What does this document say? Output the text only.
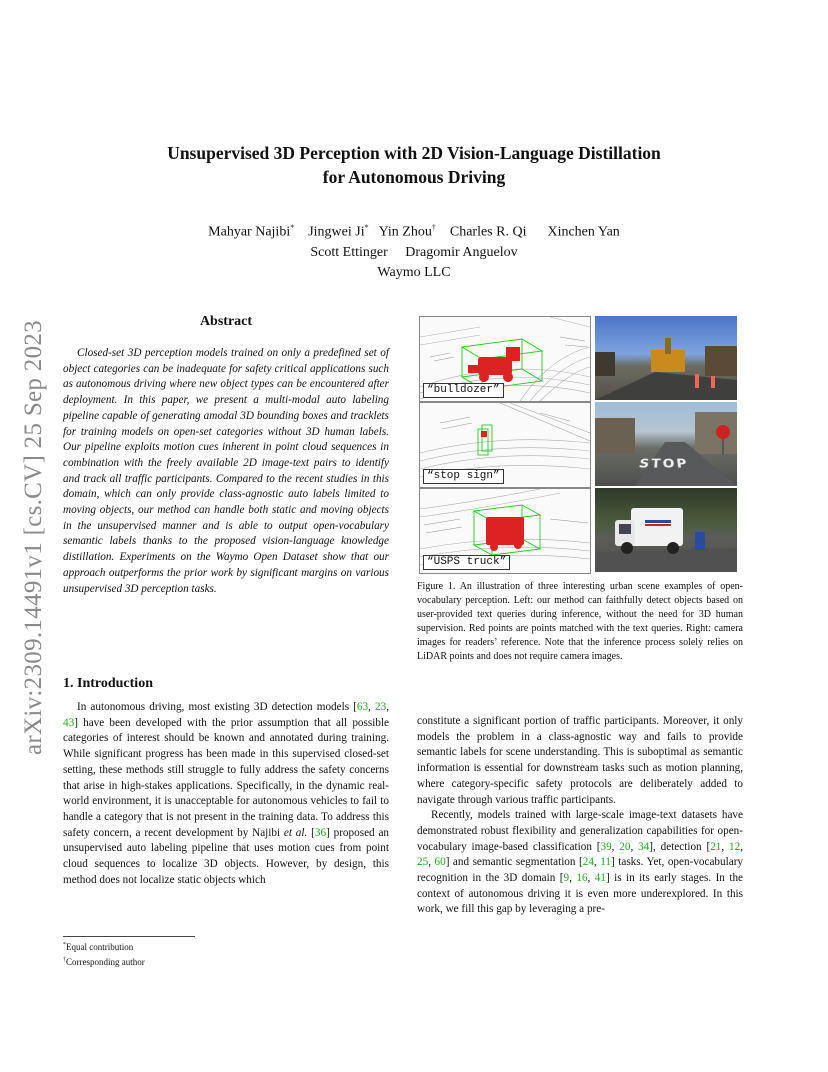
arXiv:2309.14491v1 [cs.CV] 25 Sep 2023
Unsupervised 3D Perception with 2D Vision-Language Distillation
for Autonomous Driving
Mahyar Najibi* Jingwei Ji* Yin Zhou† Charles R. Qi Xinchen Yan
Scott Ettinger Dragomir Anguelov
Waymo LLC
Abstract
Closed-set 3D perception models trained on only a predefined set of object categories can be inadequate for safety critical applications such as autonomous driving where new object types can be encountered after deployment. In this paper, we present a multi-modal auto labeling pipeline capable of generating amodal 3D bounding boxes and tracklets for training models on open-set categories without 3D human labels. Our pipeline exploits motion cues inherent in point cloud sequences in combination with the freely available 2D image-text pairs to identify and track all traffic participants. Compared to the recent studies in this domain, which can only provide class-agnostic auto labels limited to moving objects, our method can handle both static and moving objects in the unsupervised manner and is able to output open-vocabulary semantic labels thanks to the proposed vision-language knowledge distillation. Experiments on the Waymo Open Dataset show that our approach outperforms the prior work by significant margins on various unsupervised 3D perception tasks.
1. Introduction
In autonomous driving, most existing 3D detection models [63, 23, 43] have been developed with the prior assumption that all possible categories of interest should be known and annotated during training. While significant progress has been made in this supervised closed-set setting, these methods still struggle to fully address the safety concerns that arise in high-stakes applications. Specifically, in the dynamic real-world environment, it is unacceptable for autonomous vehicles to fail to handle a category that is not present in the training data. To address this safety concern, a recent development by Najibi et al. [36] proposed an unsupervised auto labeling pipeline that uses motion cues from point cloud sequences to localize 3D objects. However, by design, this method does not localize static objects which
*Equal contribution
†Corresponding author
“bulldozer”
“stop sign”
STOP
“USPS truck”
Figure 1. An illustration of three interesting urban scene examples of open-vocabulary perception. Left: our method can faithfully detect objects based on user-provided text queries during inference, without the need for 3D human supervision. Red points are points matched with the text queries. Right: camera images for readers’ reference. Note that the inference process solely relies on LiDAR points and does not require camera images.

constitute a significant portion of traffic participants. Moreover, it only models the problem in a class-agnostic way and fails to provide semantic labels for scene understanding. This is suboptimal as semantic information is essential for downstream tasks such as motion planning, where category-specific safety protocols are deliberately added to navigate through various traffic participants.

Recently, models trained with large-scale image-text datasets have demonstrated robust flexibility and generalization capabilities for open-vocabulary image-based classification [39, 20, 34], detection [21, 12, 25, 60] and semantic segmentation [24, 11] tasks. Yet, open-vocabulary recognition in the 3D domain [9, 16, 41] is in its early stages. In the context of autonomous driving it is even more underexplored. In this work, we fill this gap by leveraging a pre-
